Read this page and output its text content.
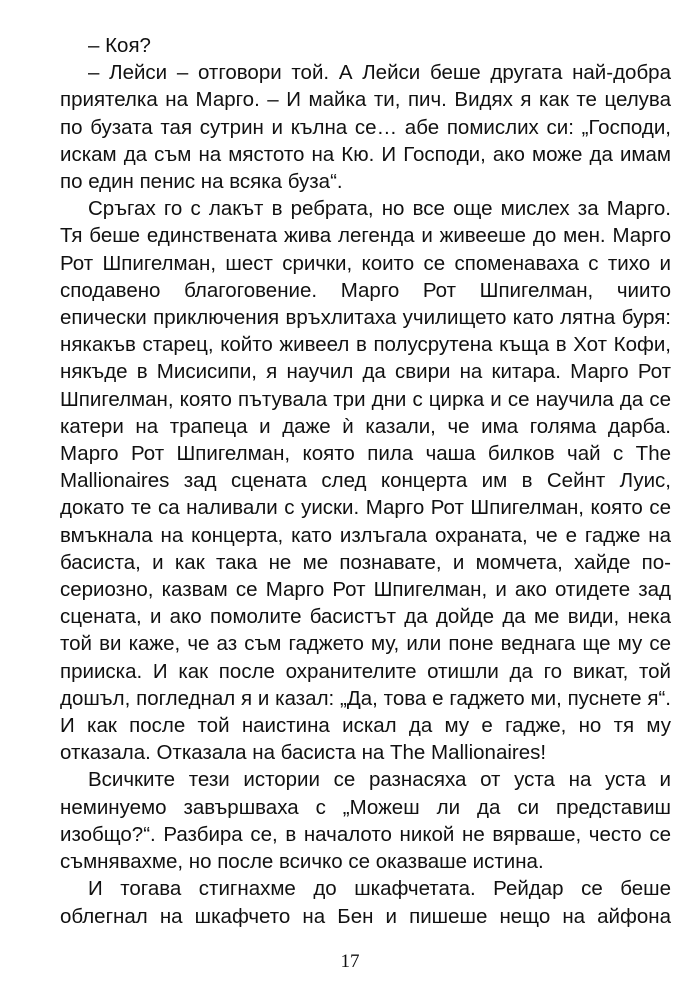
– Коя?

– Лейси – отговори той. А Лейси беше другата най-добра приятелка на Марго. – И майка ти, пич. Видях я как те целува по бузата тая сутрин и кълна се… абе помислих си: „Господи, искам да съм на мястото на Кю. И Господи, ако може да имам по един пенис на всяка буза“.

Сръгах го с лакът в ребрата, но все още мислех за Марго. Тя беше единствената жива легенда и живееше до мен. Марго Рот Шпигелман, шест срички, които се споменаваха с тихо и сподавено благоговение. Марго Рот Шпигелман, чиито епически приключения връхлитаха училището като лятна буря: някакъв старец, който живеел в полусрутена къща в Хот Кофи, някъде в Мисисипи, я научил да свири на китара. Марго Рот Шпигелман, която пътувала три дни с цирка и се научила да се катери на трапеца и даже ѝ казали, че има голяма дарба. Марго Рот Шпигелман, която пила чаша билков чай с The Mallionaires зад сцената след концерта им в Сейнт Луис, докато те са наливали с уиски. Марго Рот Шпигелман, която се вмъкнала на концерта, като излъгала охраната, че е гадже на басиста, и как така не ме познавате, и момчета, хайде по-сериозно, казвам се Марго Рот Шпигелман, и ако отидете зад сцената, и ако помолите басистът да дойде да ме види, нека той ви каже, че аз съм гаджето му, или поне веднага ще му се прииска. И как после охранителите отишли да го викат, той дошъл, погледнал я и казал: „Да, това е гаджето ми, пуснете я“. И как после той наистина искал да му е гадже, но тя му отказала. Отказала на басиста на The Mallionaires!

Всичките тези истории се разнасяха от уста на уста и неминуемо завършваха с „Можеш ли да си представиш изобщо?“. Разбира се, в началото никой не вярваше, често се съмнявахме, но после всичко се оказваше истина.

И тогава стигнахме до шкафчетата. Рейдар се беше облегнал на шкафчето на Бен и пишеше нещо на айфона

17
